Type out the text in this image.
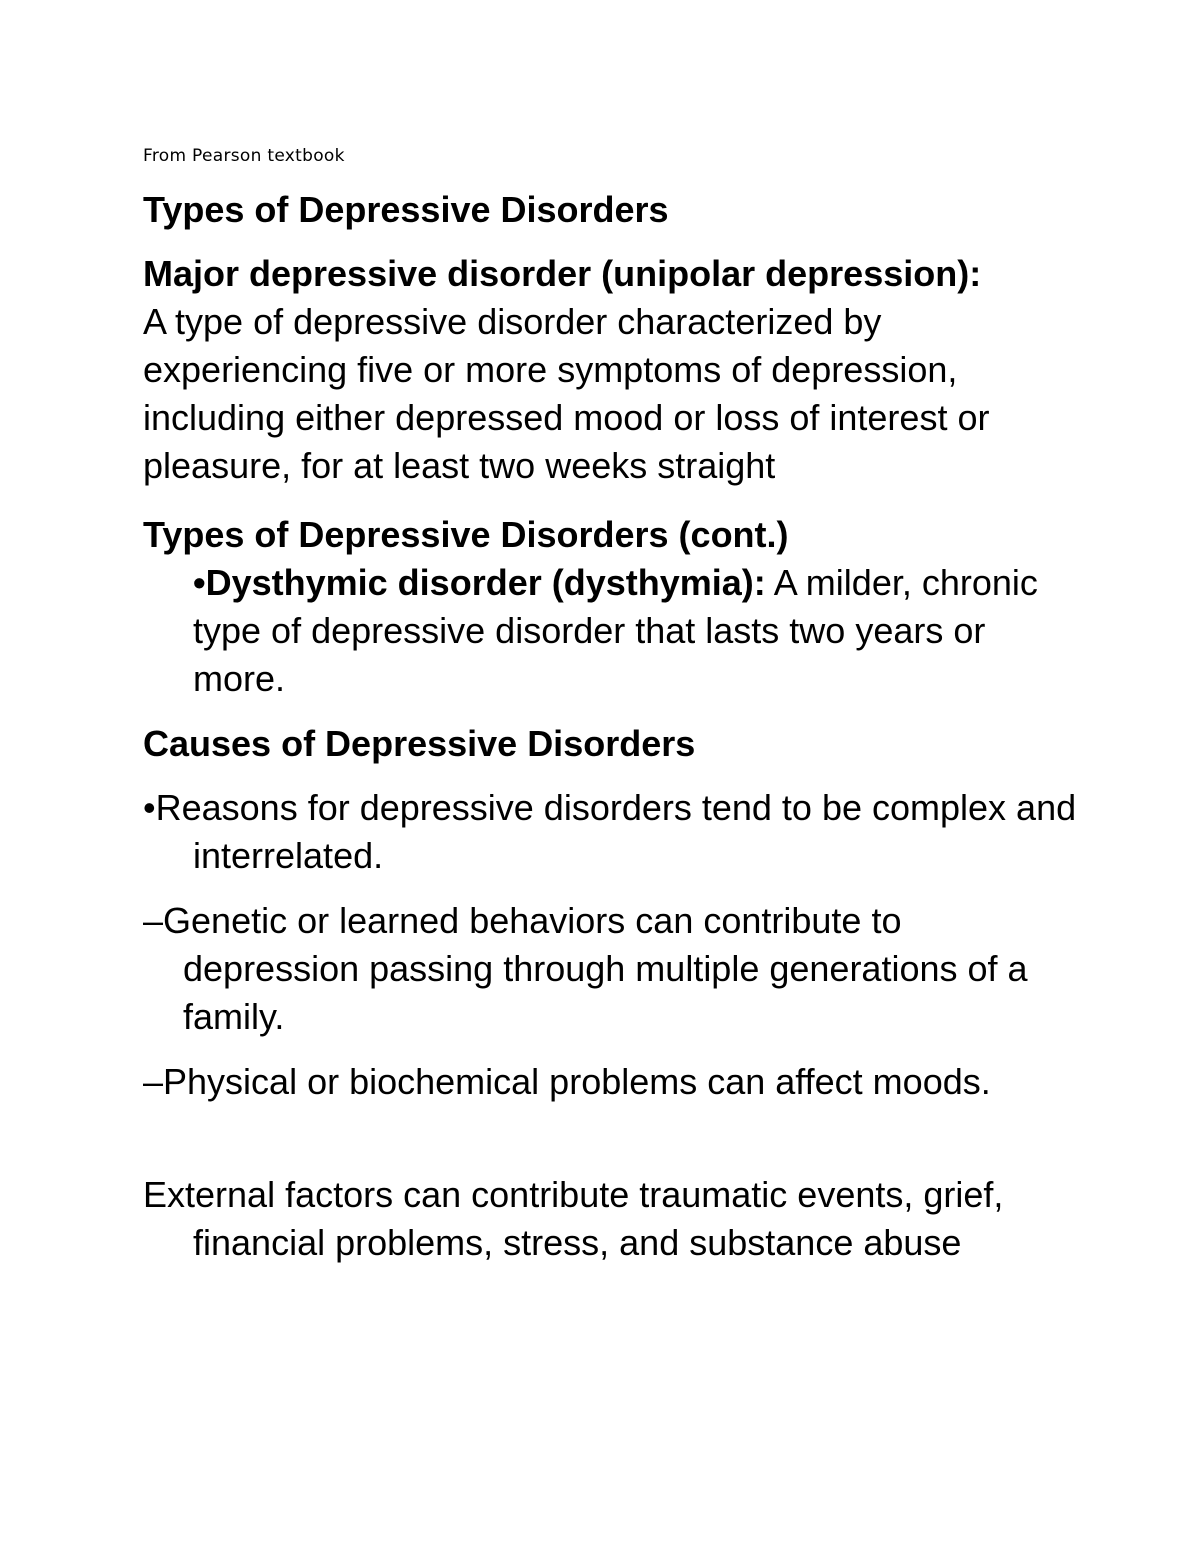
From Pearson textbook
Types of Depressive Disorders
Major depressive disorder (unipolar depression):
A type of depressive disorder characterized by experiencing five or more symptoms of depression, including either depressed mood or loss of interest or pleasure, for at least two weeks straight
Types of Depressive Disorders (cont.)
•Dysthymic disorder (dysthymia): A milder, chronic type of depressive disorder that lasts two years or more.
Causes of Depressive Disorders
•Reasons for depressive disorders tend to be complex and interrelated.
–Genetic or learned behaviors can contribute to depression passing through multiple generations of a family.
–Physical or biochemical problems can affect moods.
External factors can contribute traumatic events, grief, financial problems, stress, and substance abuse
